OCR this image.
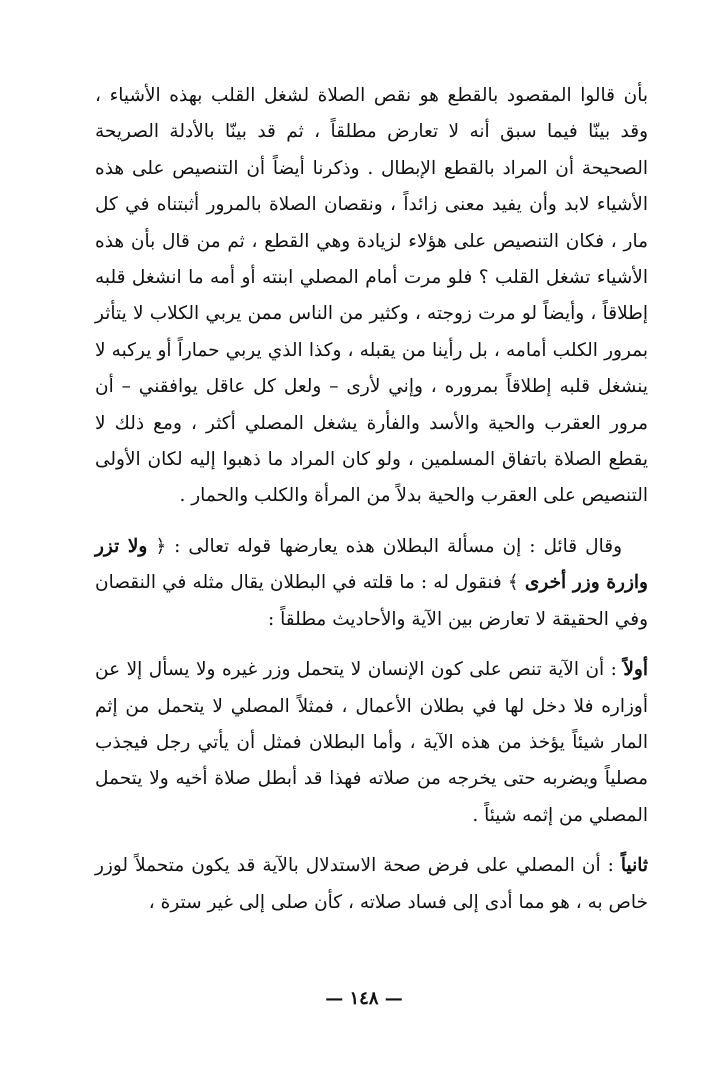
بأن قالوا المقصود بالقطع هو نقص الصلاة لشغل القلب بهذه الأشياء ، وقد بينّا فيما سبق أنه لا تعارض مطلقاً ، ثم قد بينّا بالأدلة الصريحة الصحيحة أن المراد بالقطع الإبطال . وذكرنا أيضاً أن التنصيص على هذه الأشياء لابد وأن يفيد معنى زائداً ، ونقصان الصلاة بالمرور أثبتناه في كل مار ، فكان التنصيص على هؤلاء لزيادة وهي القطع ، ثم من قال بأن هذه الأشياء تشغل القلب ؟ فلو مرت أمام المصلي ابنته أو أمه ما انشغل قلبه إطلاقاً ، وأيضاً لو مرت زوجته ، وكثير من الناس ممن يربي الكلاب لا يتأثر بمرور الكلب أمامه ، بل رأينا من يقبله ، وكذا الذي يربي حماراً أو يركبه لا ينشغل قلبه إطلاقاً بمروره ، وإني لأرى – ولعل كل عاقل يوافقني – أن مرور العقرب والحية والأسد والفأرة يشغل المصلي أكثر ، ومع ذلك لا يقطع الصلاة باتفاق المسلمين ، ولو كان المراد ما ذهبوا إليه لكان الأولى التنصيص على العقرب والحية بدلاً من المرأة والكلب والحمار .

وقال قائل : إن مسألة البطلان هذه يعارضها قوله تعالى : ﴿ ولا تزر وازرة وزر أخرى ﴾ فنقول له : ما قلته في البطلان يقال مثله في النقصان وفي الحقيقة لا تعارض بين الآية والأحاديث مطلقاً :

أولاً : أن الآية تنص على كون الإنسان لا يتحمل وزر غيره ولا يسأل إلا عن أوزاره فلا دخل لها في بطلان الأعمال ، فمثلاً المصلي لا يتحمل من إثم المار شيئاً يؤخذ من هذه الآية ، وأما البطلان فمثل أن يأتي رجل فيجذب مصلياً ويضربه حتى يخرجه من صلاته فهذا قد أبطل صلاة أخيه ولا يتحمل المصلي من إثمه شيئاً .

ثانياً : أن المصلي على فرض صحة الاستدلال بالآية قد يكون متحملاً لوزر خاص به ، هو مما أدى إلى فساد صلاته ، كأن صلى إلى غير سترة ،

— ١٤٨ —
